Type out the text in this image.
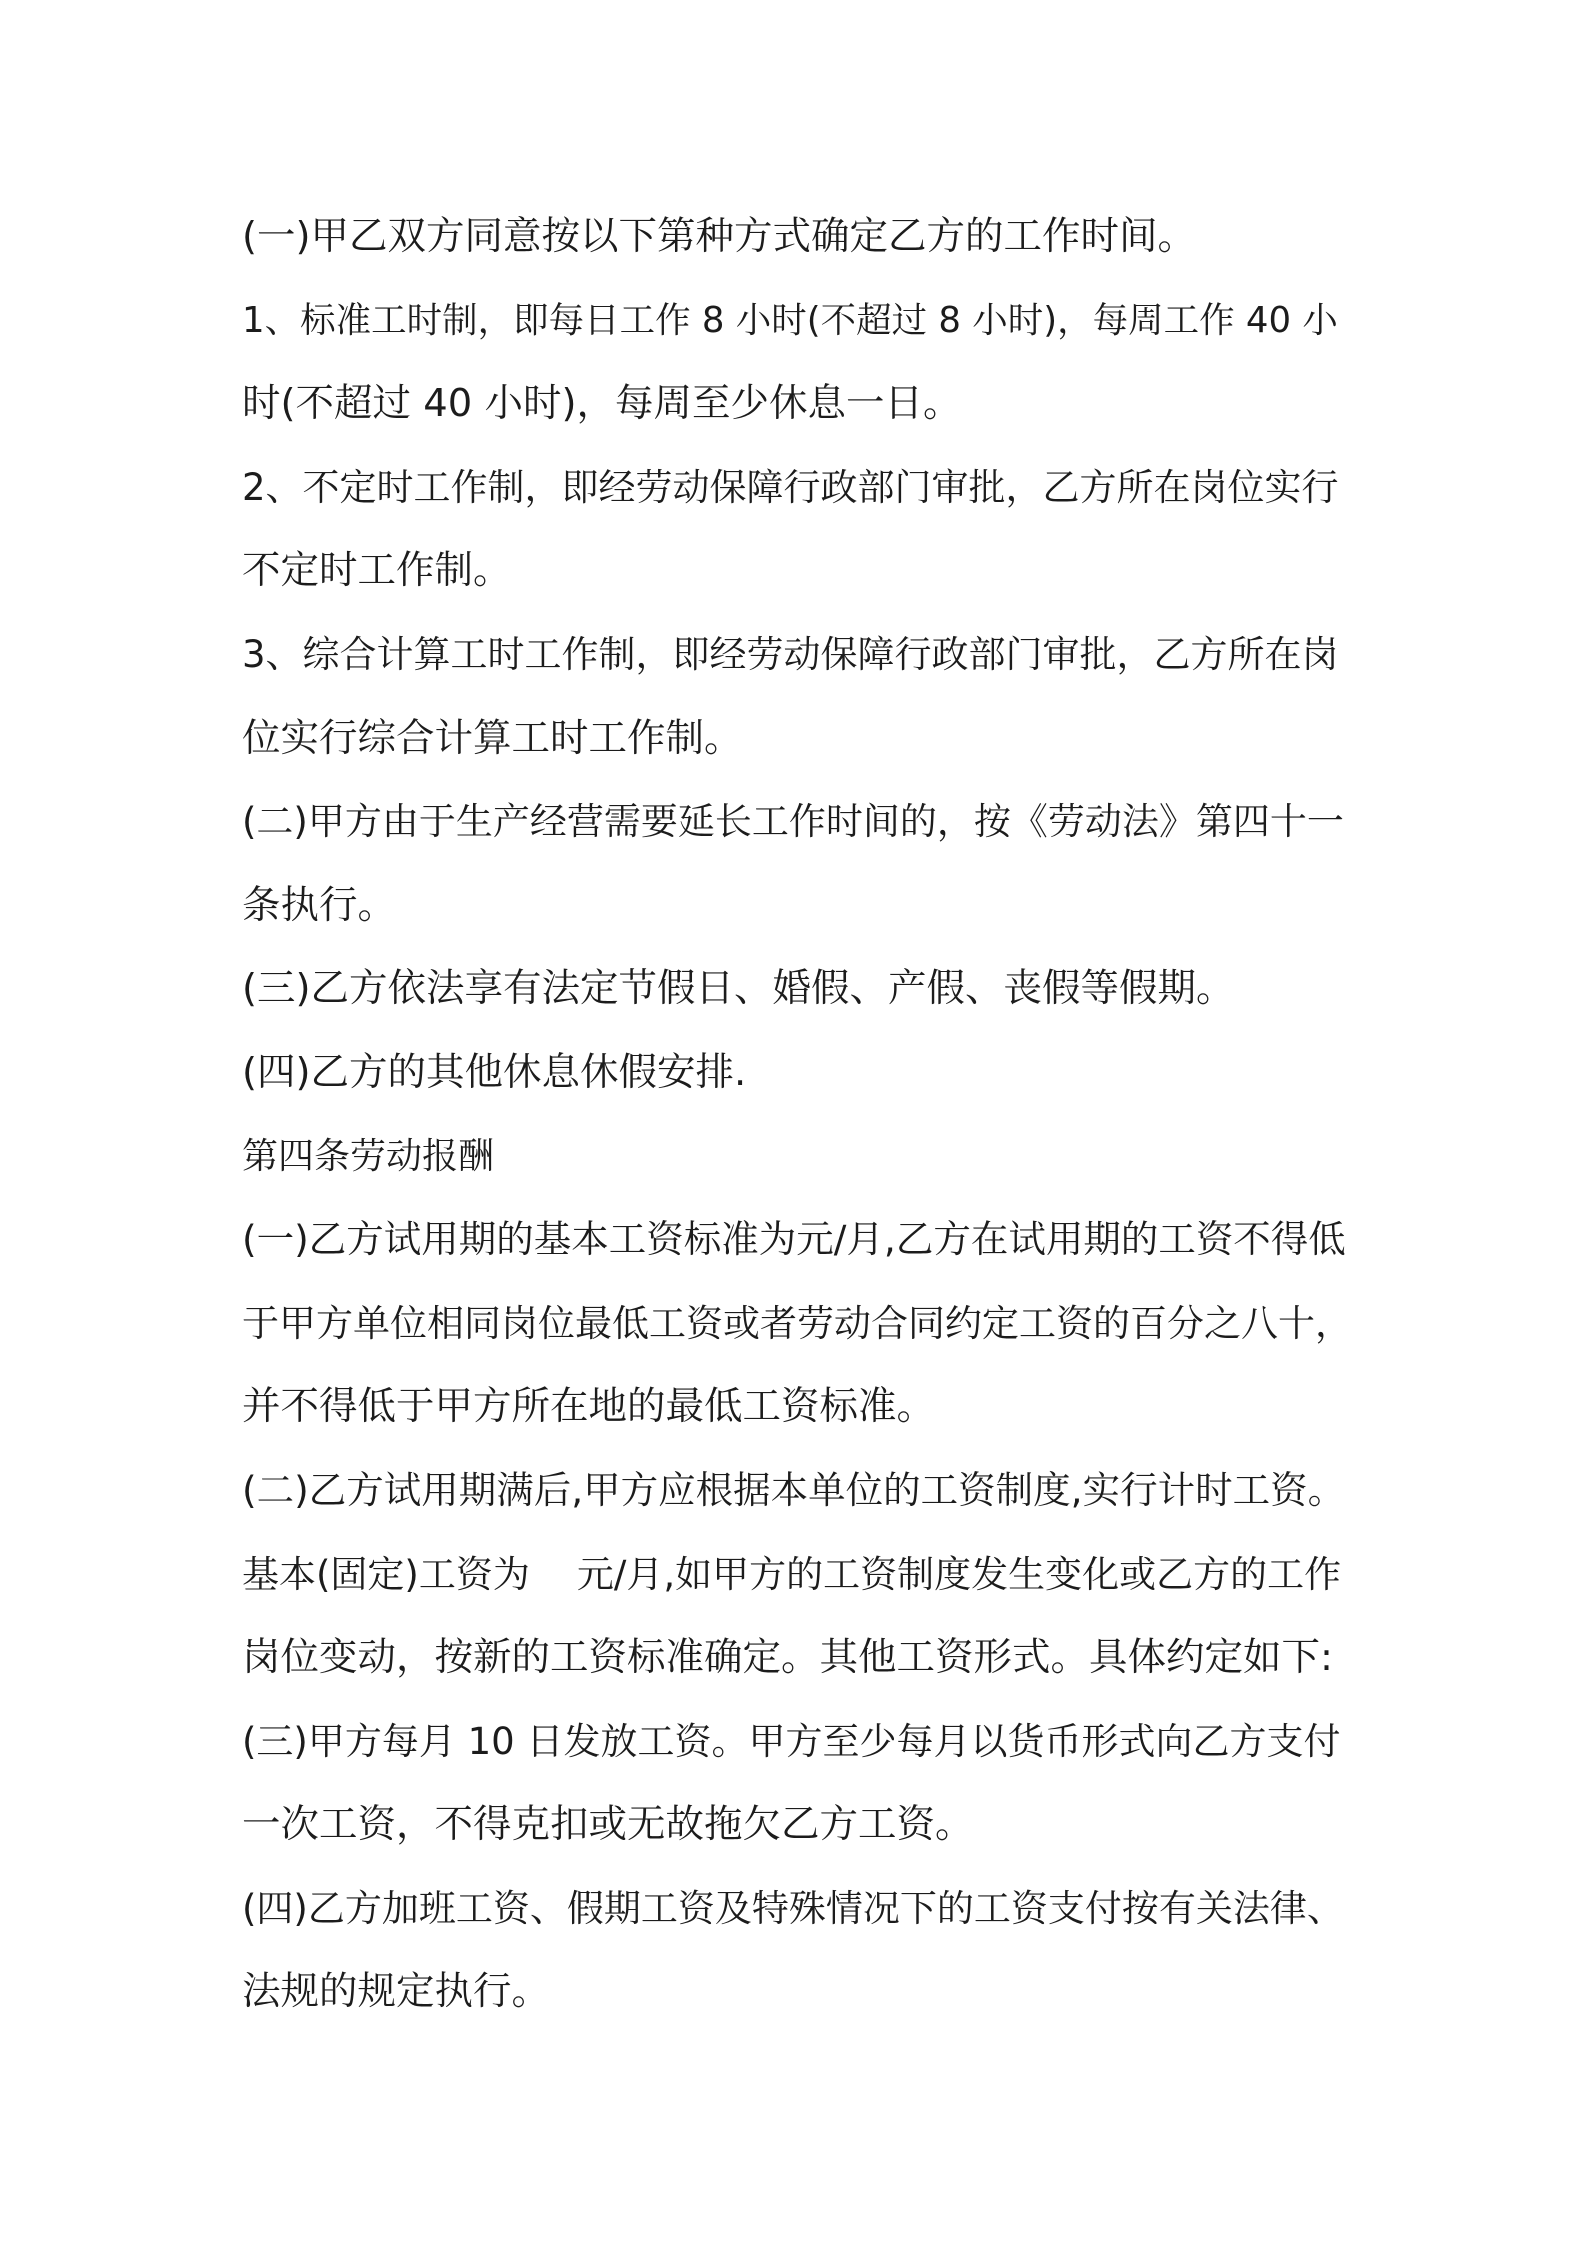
(一)甲乙双方同意按以下第种方式确定乙方的工作时间。
1、标准工时制，即每日工作 8 小时(不超过 8 小时)，每周工作 40 小
时(不超过 40 小时)，每周至少休息一日。
2、不定时工作制，即经劳动保障行政部门审批，乙方所在岗位实行
不定时工作制。
3、综合计算工时工作制，即经劳动保障行政部门审批，乙方所在岗
位实行综合计算工时工作制。
(二)甲方由于生产经营需要延长工作时间的，按《劳动法》第四十一
条执行。
(三)乙方依法享有法定节假日、婚假、产假、丧假等假期。
(四)乙方的其他休息休假安排.
第四条劳动报酬
(一)乙方试用期的基本工资标准为元/月,乙方在试用期的工资不得低
于甲方单位相同岗位最低工资或者劳动合同约定工资的百分之八十，
并不得低于甲方所在地的最低工资标准。
(二)乙方试用期满后,甲方应根据本单位的工资制度,实行计时工资。
基本(固定)工资为    元/月,如甲方的工资制度发生变化或乙方的工作
岗位变动，按新的工资标准确定。其他工资形式。具体约定如下:
(三)甲方每月 10 日发放工资。甲方至少每月以货币形式向乙方支付
一次工资，不得克扣或无故拖欠乙方工资。
(四)乙方加班工资、假期工资及特殊情况下的工资支付按有关法律、
法规的规定执行。
